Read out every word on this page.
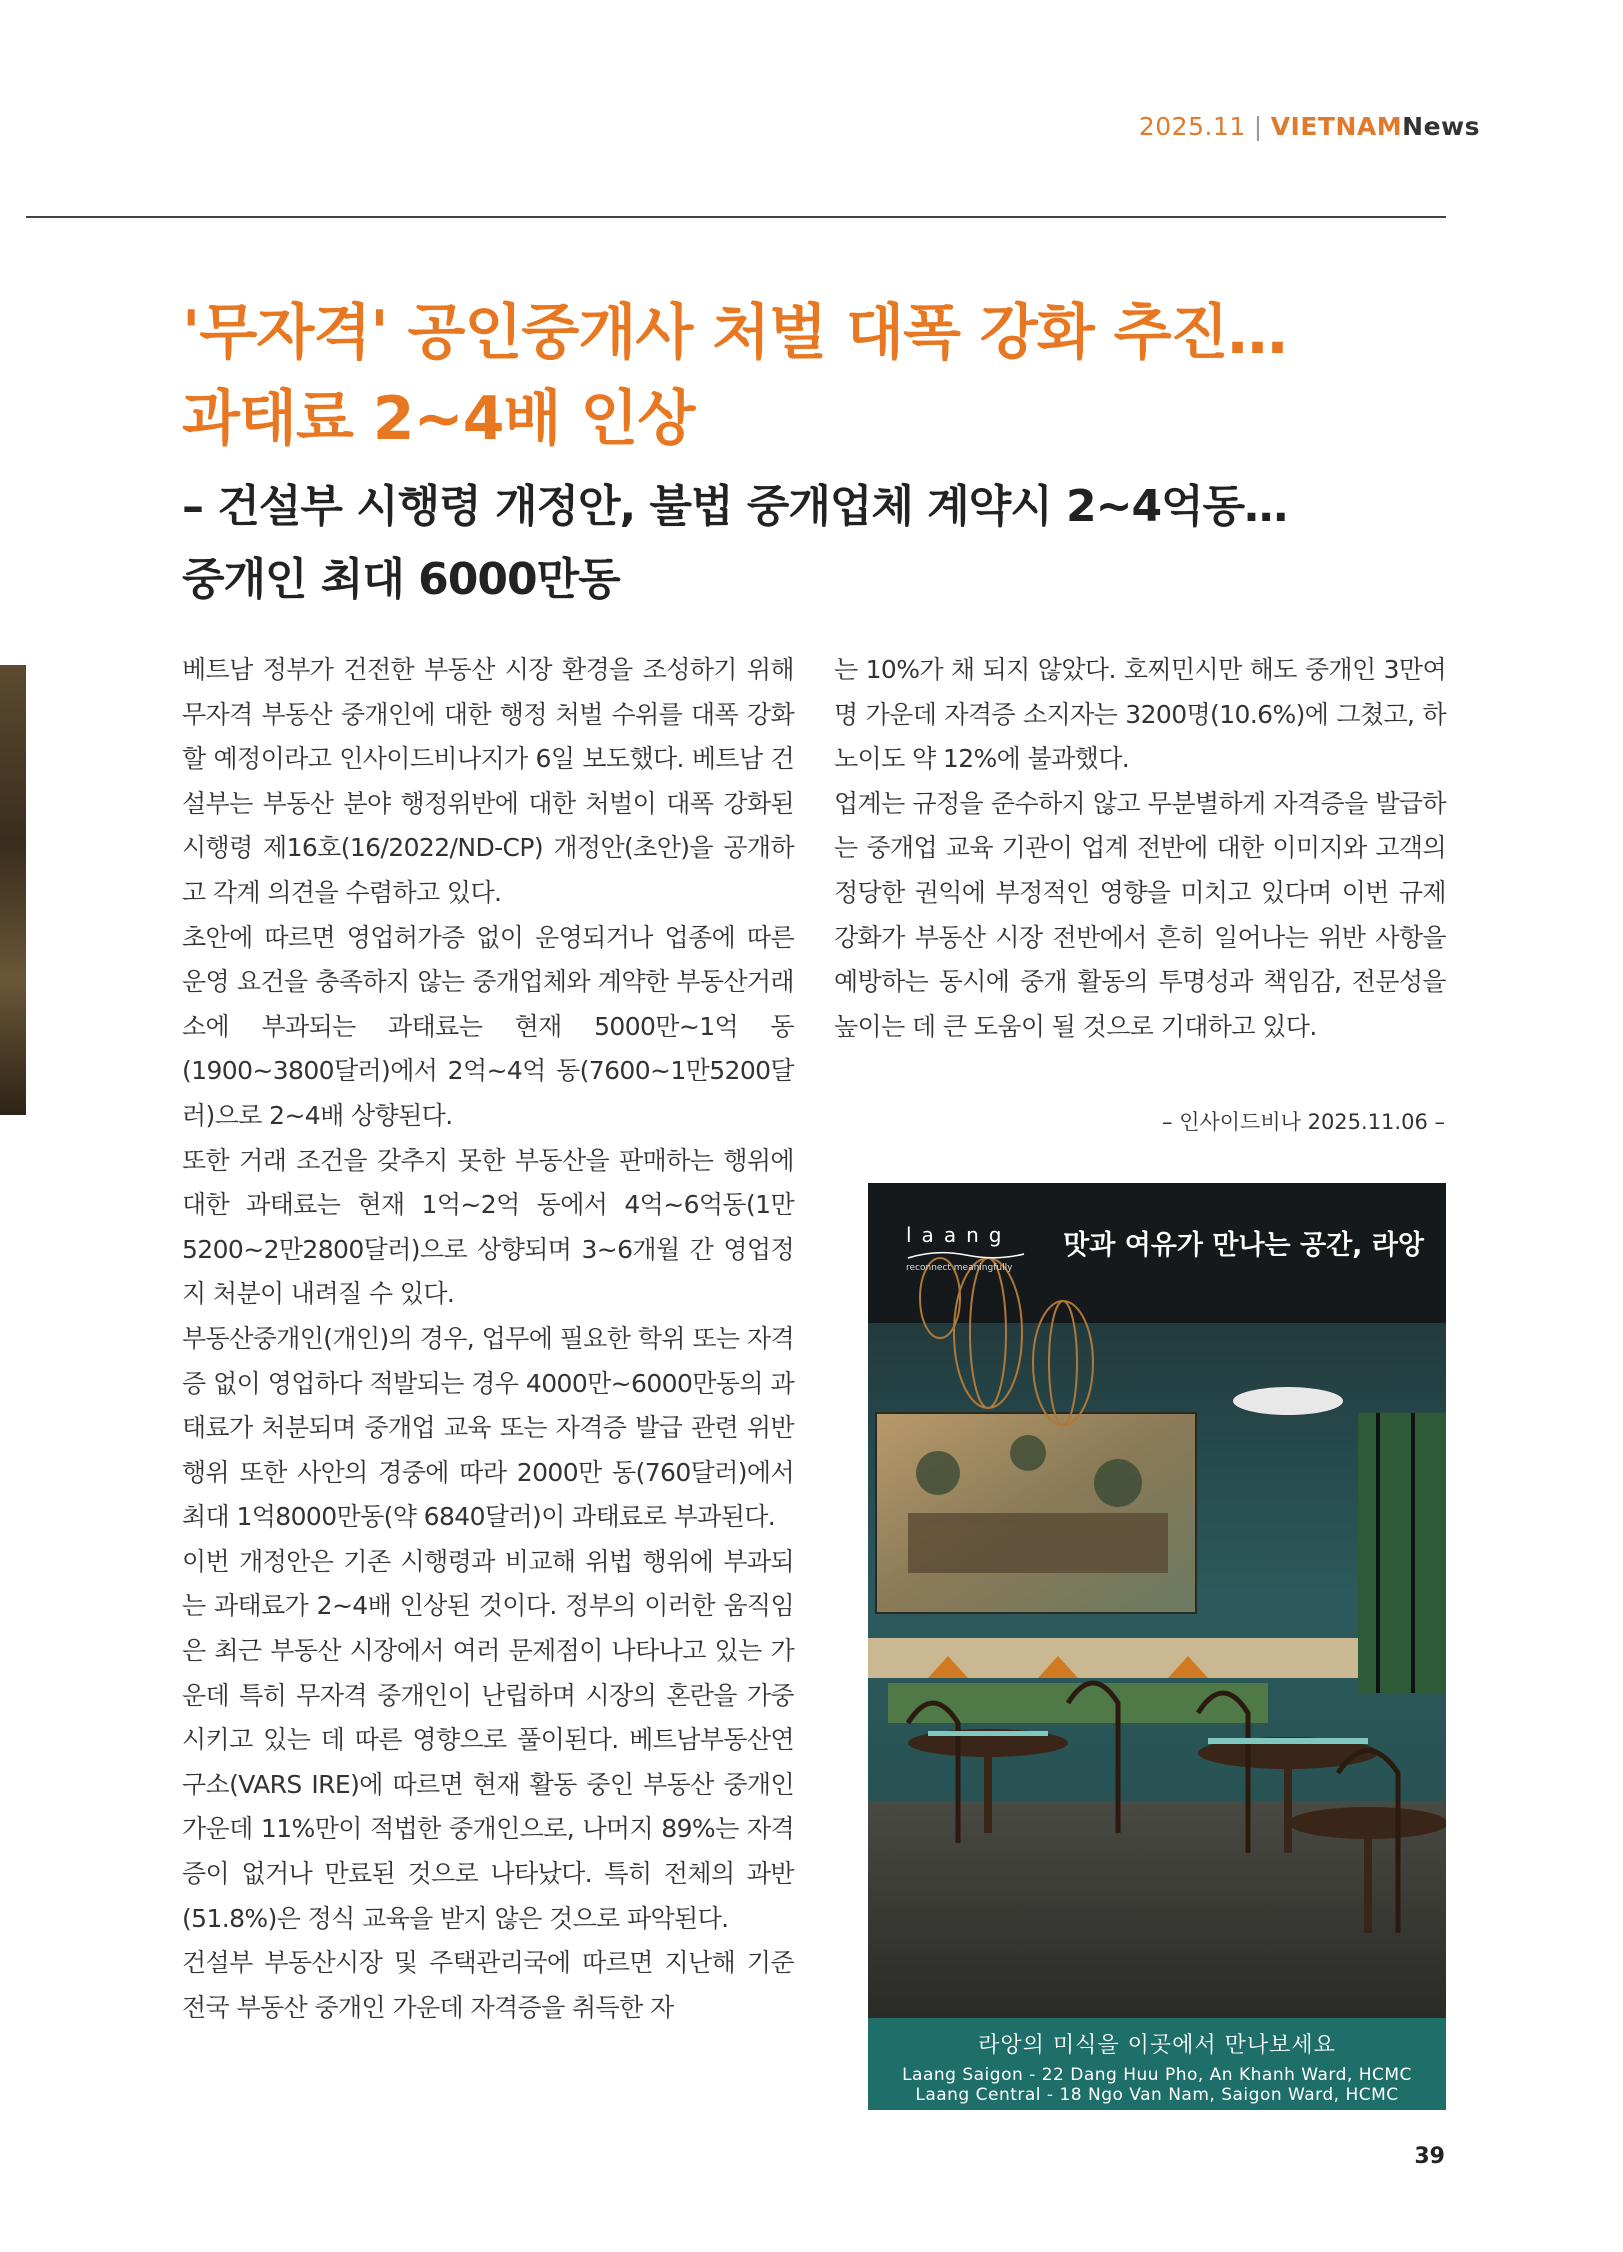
2025.11 | VIETNAMNews
'무자격' 공인중개사 처벌 대폭 강화 추진…
과태료 2~4배 인상
– 건설부 시행령 개정안, 불법 중개업체 계약시 2~4억동…
중개인 최대 6000만동

베트남 정부가 건전한 부동산 시장 환경을 조성하기 위해 무자격 부동산 중개인에 대한 행정 처벌 수위를 대폭 강화할 예정이라고 인사이드비나지가 6일 보도했다. 베트남 건설부는 부동산 분야 행정위반에 대한 처벌이 대폭 강화된 시행령 제16호(16/2022/ND-CP) 개정안(초안)을 공개하고 각계 의견을 수렴하고 있다.

초안에 따르면 영업허가증 없이 운영되거나 업종에 따른 운영 요건을 충족하지 않는 중개업체와 계약한 부동산거래소에 부과되는 과태료는 현재 5000만~1억 동(1900~3800달러)에서 2억~4억 동(7600~1만5200달러)으로 2~4배 상향된다.

또한 거래 조건을 갖추지 못한 부동산을 판매하는 행위에 대한 과태료는 현재 1억~2억 동에서 4억~6억동(1만5200~2만2800달러)으로 상향되며 3~6개월 간 영업정지 처분이 내려질 수 있다.

부동산중개인(개인)의 경우, 업무에 필요한 학위 또는 자격증 없이 영업하다 적발되는 경우 4000만~6000만동의 과태료가 처분되며 중개업 교육 또는 자격증 발급 관련 위반 행위 또한 사안의 경중에 따라 2000만 동(760달러)에서 최대 1억8000만동(약 6840달러)이 과태료로 부과된다.

이번 개정안은 기존 시행령과 비교해 위법 행위에 부과되는 과태료가 2~4배 인상된 것이다. 정부의 이러한 움직임은 최근 부동산 시장에서 여러 문제점이 나타나고 있는 가운데 특히 무자격 중개인이 난립하며 시장의 혼란을 가중시키고 있는 데 따른 영향으로 풀이된다. 베트남부동산연구소(VARS IRE)에 따르면 현재 활동 중인 부동산 중개인 가운데 11%만이 적법한 중개인으로, 나머지 89%는 자격증이 없거나 만료된 것으로 나타났다. 특히 전체의 과반(51.8%)은 정식 교육을 받지 않은 것으로 파악된다.

건설부 부동산시장 및 주택관리국에 따르면 지난해 기준 전국 부동산 중개인 가운데 자격증을 취득한 자

는 10%가 채 되지 않았다. 호찌민시만 해도 중개인 3만여 명 가운데 자격증 소지자는 3200명(10.6%)에 그쳤고, 하노이도 약 12%에 불과했다.

업계는 규정을 준수하지 않고 무분별하게 자격증을 발급하는 중개업 교육 기관이 업계 전반에 대한 이미지와 고객의 정당한 권익에 부정적인 영향을 미치고 있다며 이번 규제 강화가 부동산 시장 전반에서 흔히 일어나는 위반 사항을 예방하는 동시에 중개 활동의 투명성과 책임감, 전문성을 높이는 데 큰 도움이 될 것으로 기대하고 있다.

– 인사이드비나 2025.11.06 –
laang
reconnect meaningfully
맛과 여유가 만나는 공간, 라앙
라앙의 미식을 이곳에서 만나보세요
Laang Saigon - 22 Dang Huu Pho, An Khanh Ward, HCMC
Laang Central - 18 Ngo Van Nam, Saigon Ward, HCMC
39
